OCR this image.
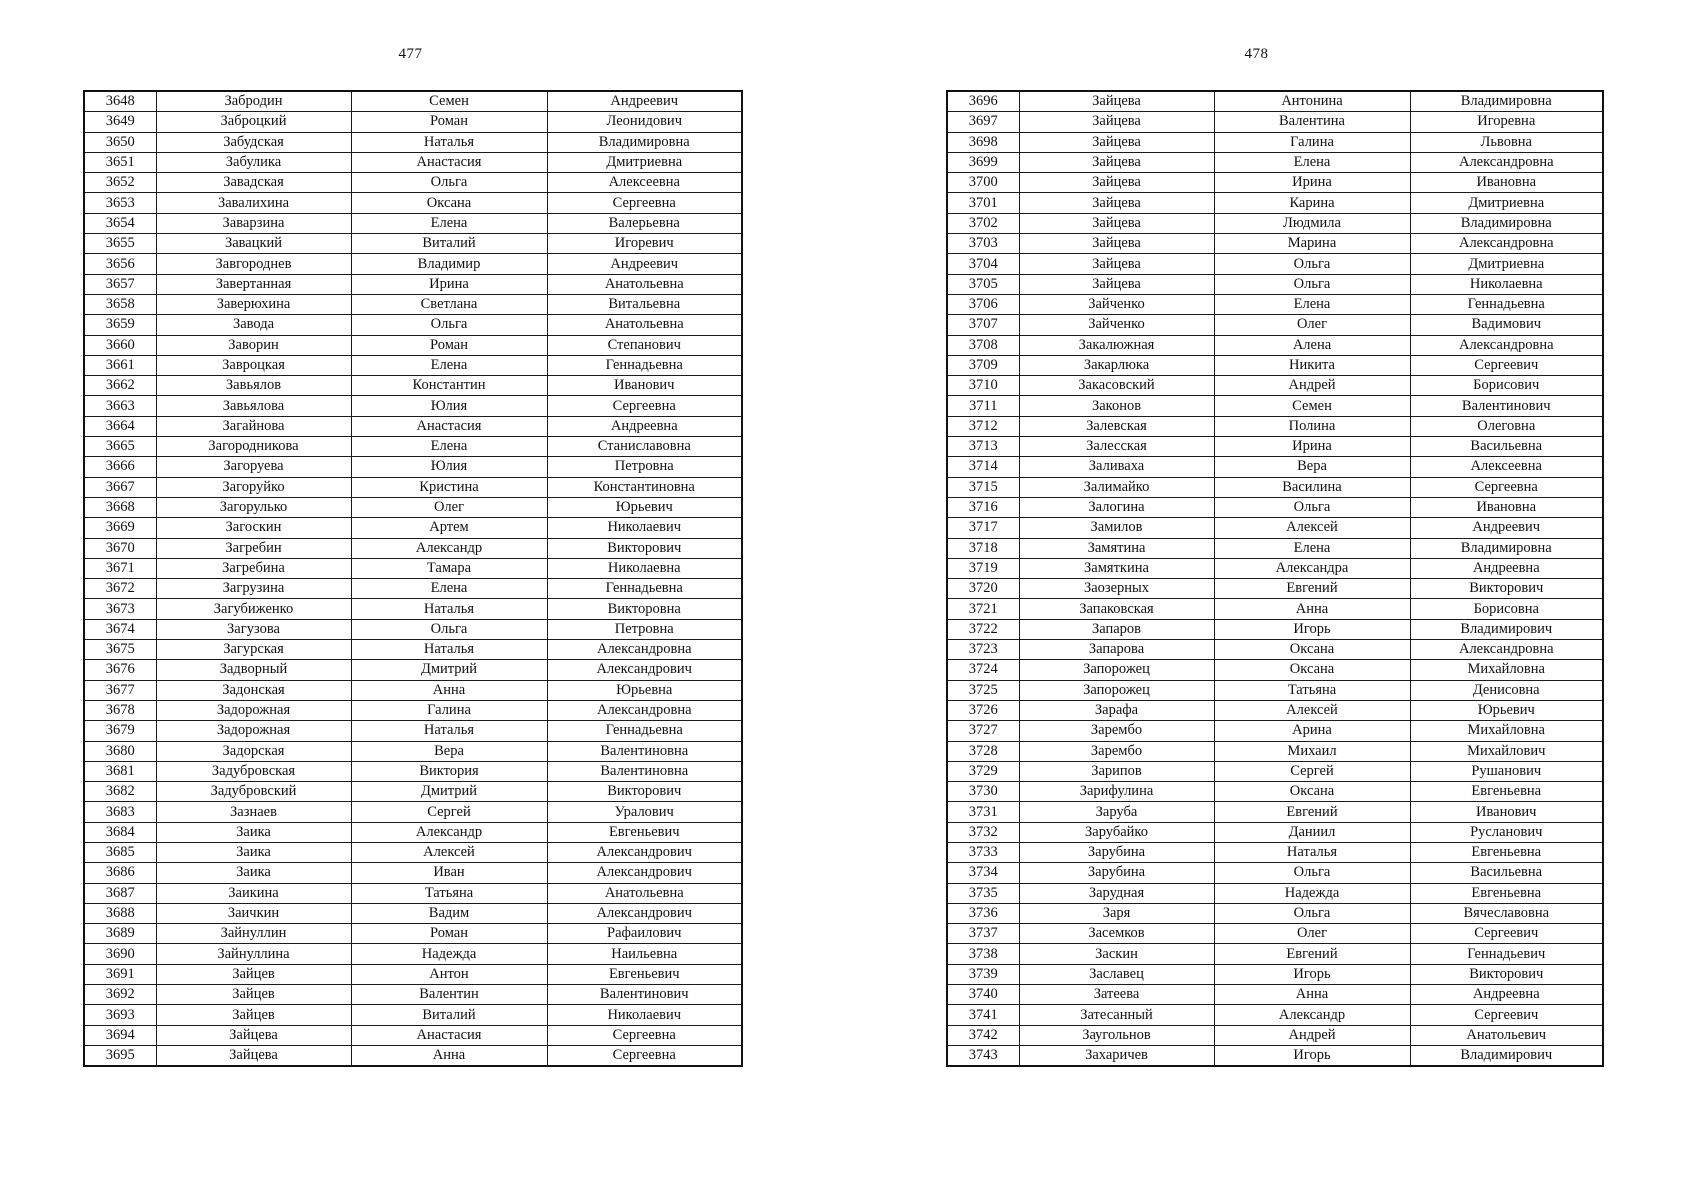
477
3648	Забродин	Семен	Андреевич
3649	Заброцкий	Роман	Леонидович
3650	Забудская	Наталья	Владимировна
3651	Забулика	Анастасия	Дмитриевна
3652	Завадская	Ольга	Алексеевна
3653	Завалихина	Оксана	Сергеевна
3654	Заварзина	Елена	Валерьевна
3655	Завацкий	Виталий	Игоревич
3656	Завгороднев	Владимир	Андреевич
3657	Завертанная	Ирина	Анатольевна
3658	Заверюхина	Светлана	Витальевна
3659	Завода	Ольга	Анатольевна
3660	Заворин	Роман	Степанович
3661	Завроцкая	Елена	Геннадьевна
3662	Завьялов	Константин	Иванович
3663	Завьялова	Юлия	Сергеевна
3664	Загайнова	Анастасия	Андреевна
3665	Загородникова	Елена	Станиславовна
3666	Загоруева	Юлия	Петровна
3667	Загоруйко	Кристина	Константиновна
3668	Загорулько	Олег	Юрьевич
3669	Загоскин	Артем	Николаевич
3670	Загребин	Александр	Викторович
3671	Загребина	Тамара	Николаевна
3672	Загрузина	Елена	Геннадьевна
3673	Загубиженко	Наталья	Викторовна
3674	Загузова	Ольга	Петровна
3675	Загурская	Наталья	Александровна
3676	Задворный	Дмитрий	Александрович
3677	Задонская	Анна	Юрьевна
3678	Задорожная	Галина	Александровна
3679	Задорожная	Наталья	Геннадьевна
3680	Задорская	Вера	Валентиновна
3681	Задубровская	Виктория	Валентиновна
3682	Задубровский	Дмитрий	Викторович
3683	Зазнаев	Сергей	Уралович
3684	Заика	Александр	Евгеньевич
3685	Заика	Алексей	Александрович
3686	Заика	Иван	Александрович
3687	Заикина	Татьяна	Анатольевна
3688	Заичкин	Вадим	Александрович
3689	Зайнуллин	Роман	Рафаилович
3690	Зайнуллина	Надежда	Наильевна
3691	Зайцев	Антон	Евгеньевич
3692	Зайцев	Валентин	Валентинович
3693	Зайцев	Виталий	Николаевич
3694	Зайцева	Анастасия	Сергеевна
3695	Зайцева	Анна	Сергеевна
478
3696	Зайцева	Антонина	Владимировна
3697	Зайцева	Валентина	Игоревна
3698	Зайцева	Галина	Львовна
3699	Зайцева	Елена	Александровна
3700	Зайцева	Ирина	Ивановна
3701	Зайцева	Карина	Дмитриевна
3702	Зайцева	Людмила	Владимировна
3703	Зайцева	Марина	Александровна
3704	Зайцева	Ольга	Дмитриевна
3705	Зайцева	Ольга	Николаевна
3706	Зайченко	Елена	Геннадьевна
3707	Зайченко	Олег	Вадимович
3708	Закалюжная	Алена	Александровна
3709	Закарлюка	Никита	Сергеевич
3710	Закасовский	Андрей	Борисович
3711	Законов	Семен	Валентинович
3712	Залевская	Полина	Олеговна
3713	Залесская	Ирина	Васильевна
3714	Заливаха	Вера	Алексеевна
3715	Залимайко	Василина	Сергеевна
3716	Залогина	Ольга	Ивановна
3717	Замилов	Алексей	Андреевич
3718	Замятина	Елена	Владимировна
3719	Замяткина	Александра	Андреевна
3720	Заозерных	Евгений	Викторович
3721	Запаковская	Анна	Борисовна
3722	Запаров	Игорь	Владимирович
3723	Запарова	Оксана	Александровна
3724	Запорожец	Оксана	Михайловна
3725	Запорожец	Татьяна	Денисовна
3726	Зарафа	Алексей	Юрьевич
3727	Зарембо	Арина	Михайловна
3728	Зарембо	Михаил	Михайлович
3729	Зарипов	Сергей	Рушанович
3730	Зарифулина	Оксана	Евгеньевна
3731	Заруба	Евгений	Иванович
3732	Зарубайко	Даниил	Русланович
3733	Зарубина	Наталья	Евгеньевна
3734	Зарубина	Ольга	Васильевна
3735	Зарудная	Надежда	Евгеньевна
3736	Заря	Ольга	Вячеславовна
3737	Засемков	Олег	Сергеевич
3738	Заскин	Евгений	Геннадьевич
3739	Заславец	Игорь	Викторович
3740	Затеева	Анна	Андреевна
3741	Затесанный	Александр	Сергеевич
3742	Заугольнов	Андрей	Анатольевич
3743	Захаричев	Игорь	Владимирович
